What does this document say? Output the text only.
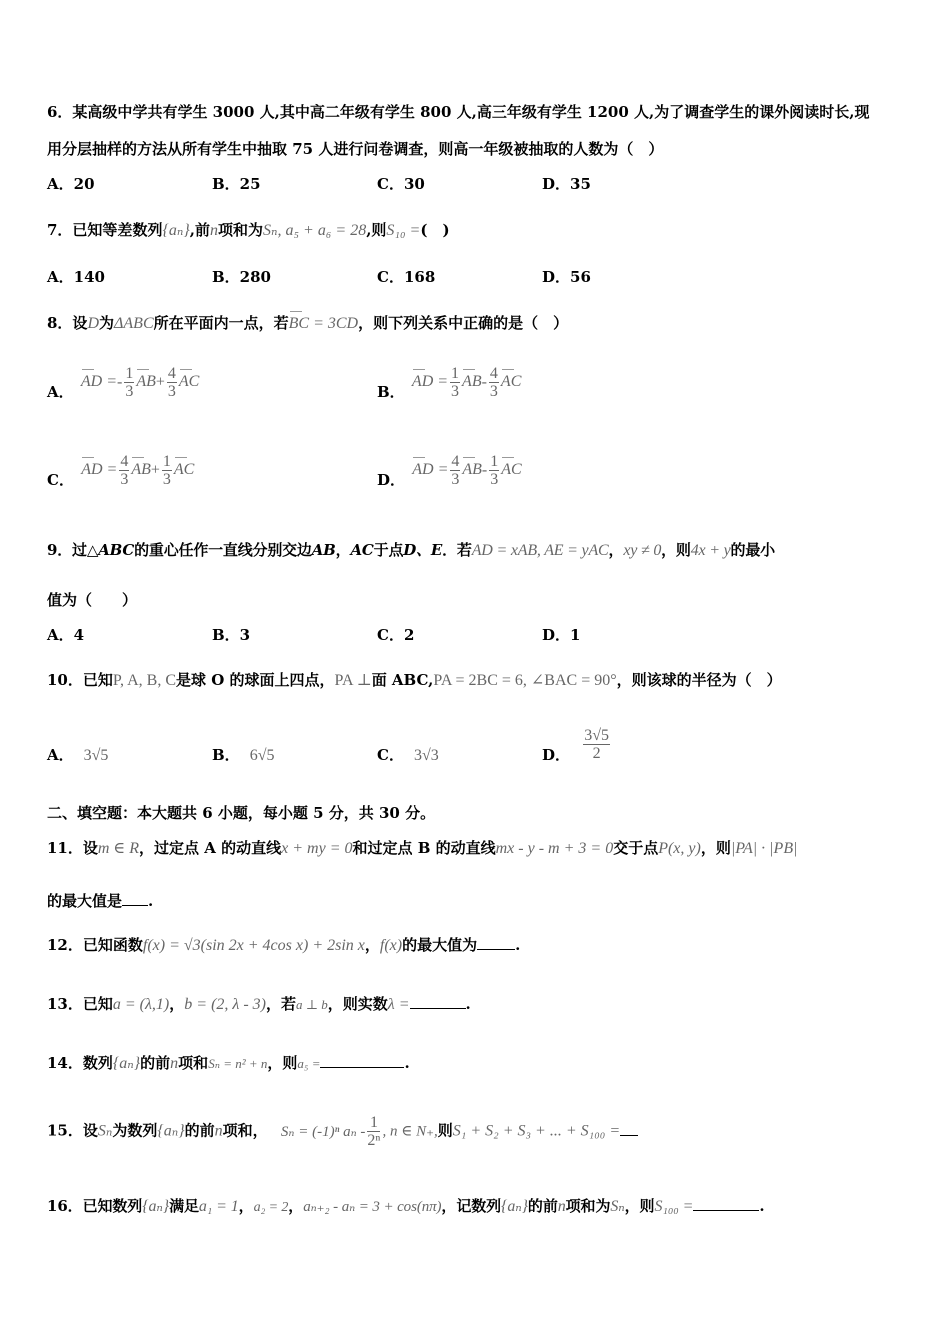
6．某高级中学共有学生 3000 人,其中高二年级有学生 800 人,高三年级有学生 1200 人,为了调查学生的课外阅读时长,现
用分层抽样的方法从所有学生中抽取 75 人进行问卷调查，则高一年级被抽取的人数为（　）
A．20	B．25	C．30	D．35
7．已知等差数列{aₙ},前n项和为Sₙ, a₅ + a₆ = 28,则S₁₀ =(　)
A．140	B．280	C．168	D．56
8．设D为ΔABC所在平面内一点，若BC = 3CD，则下列关系中正确的是（　）
A． AD =- $\frac{1}{3} AB+ \frac{4}{3}$ AC
B． AD = $\frac{1}{3} AB- \frac{4}{3}$ AC
C． AD = $\frac{4}{3} AB+ \frac{1}{3}$ AC
D． AD = $\frac{4}{3} AB- \frac{1}{3}$ AC
9．过△ABC的重心任作一直线分别交边AB，AC于点D、E．若AD = xAB, AE = yAC，xy ≠ 0，则4x + y的最小
值为（　　）
A．4	B．3	C．2	D．1
10．已知P, A, B, C是球 O 的球面上四点，PA ⊥面 ABC,PA = 2BC = 6, ∠BAC = 90°，则该球的半径为（　）
A． 3√5	B． 6√5	C． 3√3	D． $\frac{3√5}{2}$
二、填空题：本大题共 6 小题，每小题 5 分，共 30 分。
11．设m ∈ R，过定点 A 的动直线x + my = 0和过定点 B 的动直线mx - y - m + 3 = 0交于点P(x, y)，则|PA| · |PB|
的最大值是 .
12．已知函数f(x) = √3(sin 2x + 4cos x) + 2sin x，f(x)的最大值为	.
13．已知a = (λ,1)，b = (2, λ - 3)，若a ⊥ b，则实数λ =	.
14．数列{aₙ}的前n项和Sₙ = n² + n，则a₅ =	.
15．设Sₙ为数列{aₙ}的前n项和， Sₙ = (-1)ⁿ aₙ - $\frac{1}{\text{2ⁿ}}$ , n ∈ N₊,则S₁ + S₂ + S₃ + ... + S₁₀₀ =
16．已知数列{aₙ}满足a₁ = 1，a₂ = 2，aₙ₊₂ - aₙ = 3 + cos(nπ)，记数列{aₙ}的前n项和为Sₙ，则S₁₀₀ =	.
